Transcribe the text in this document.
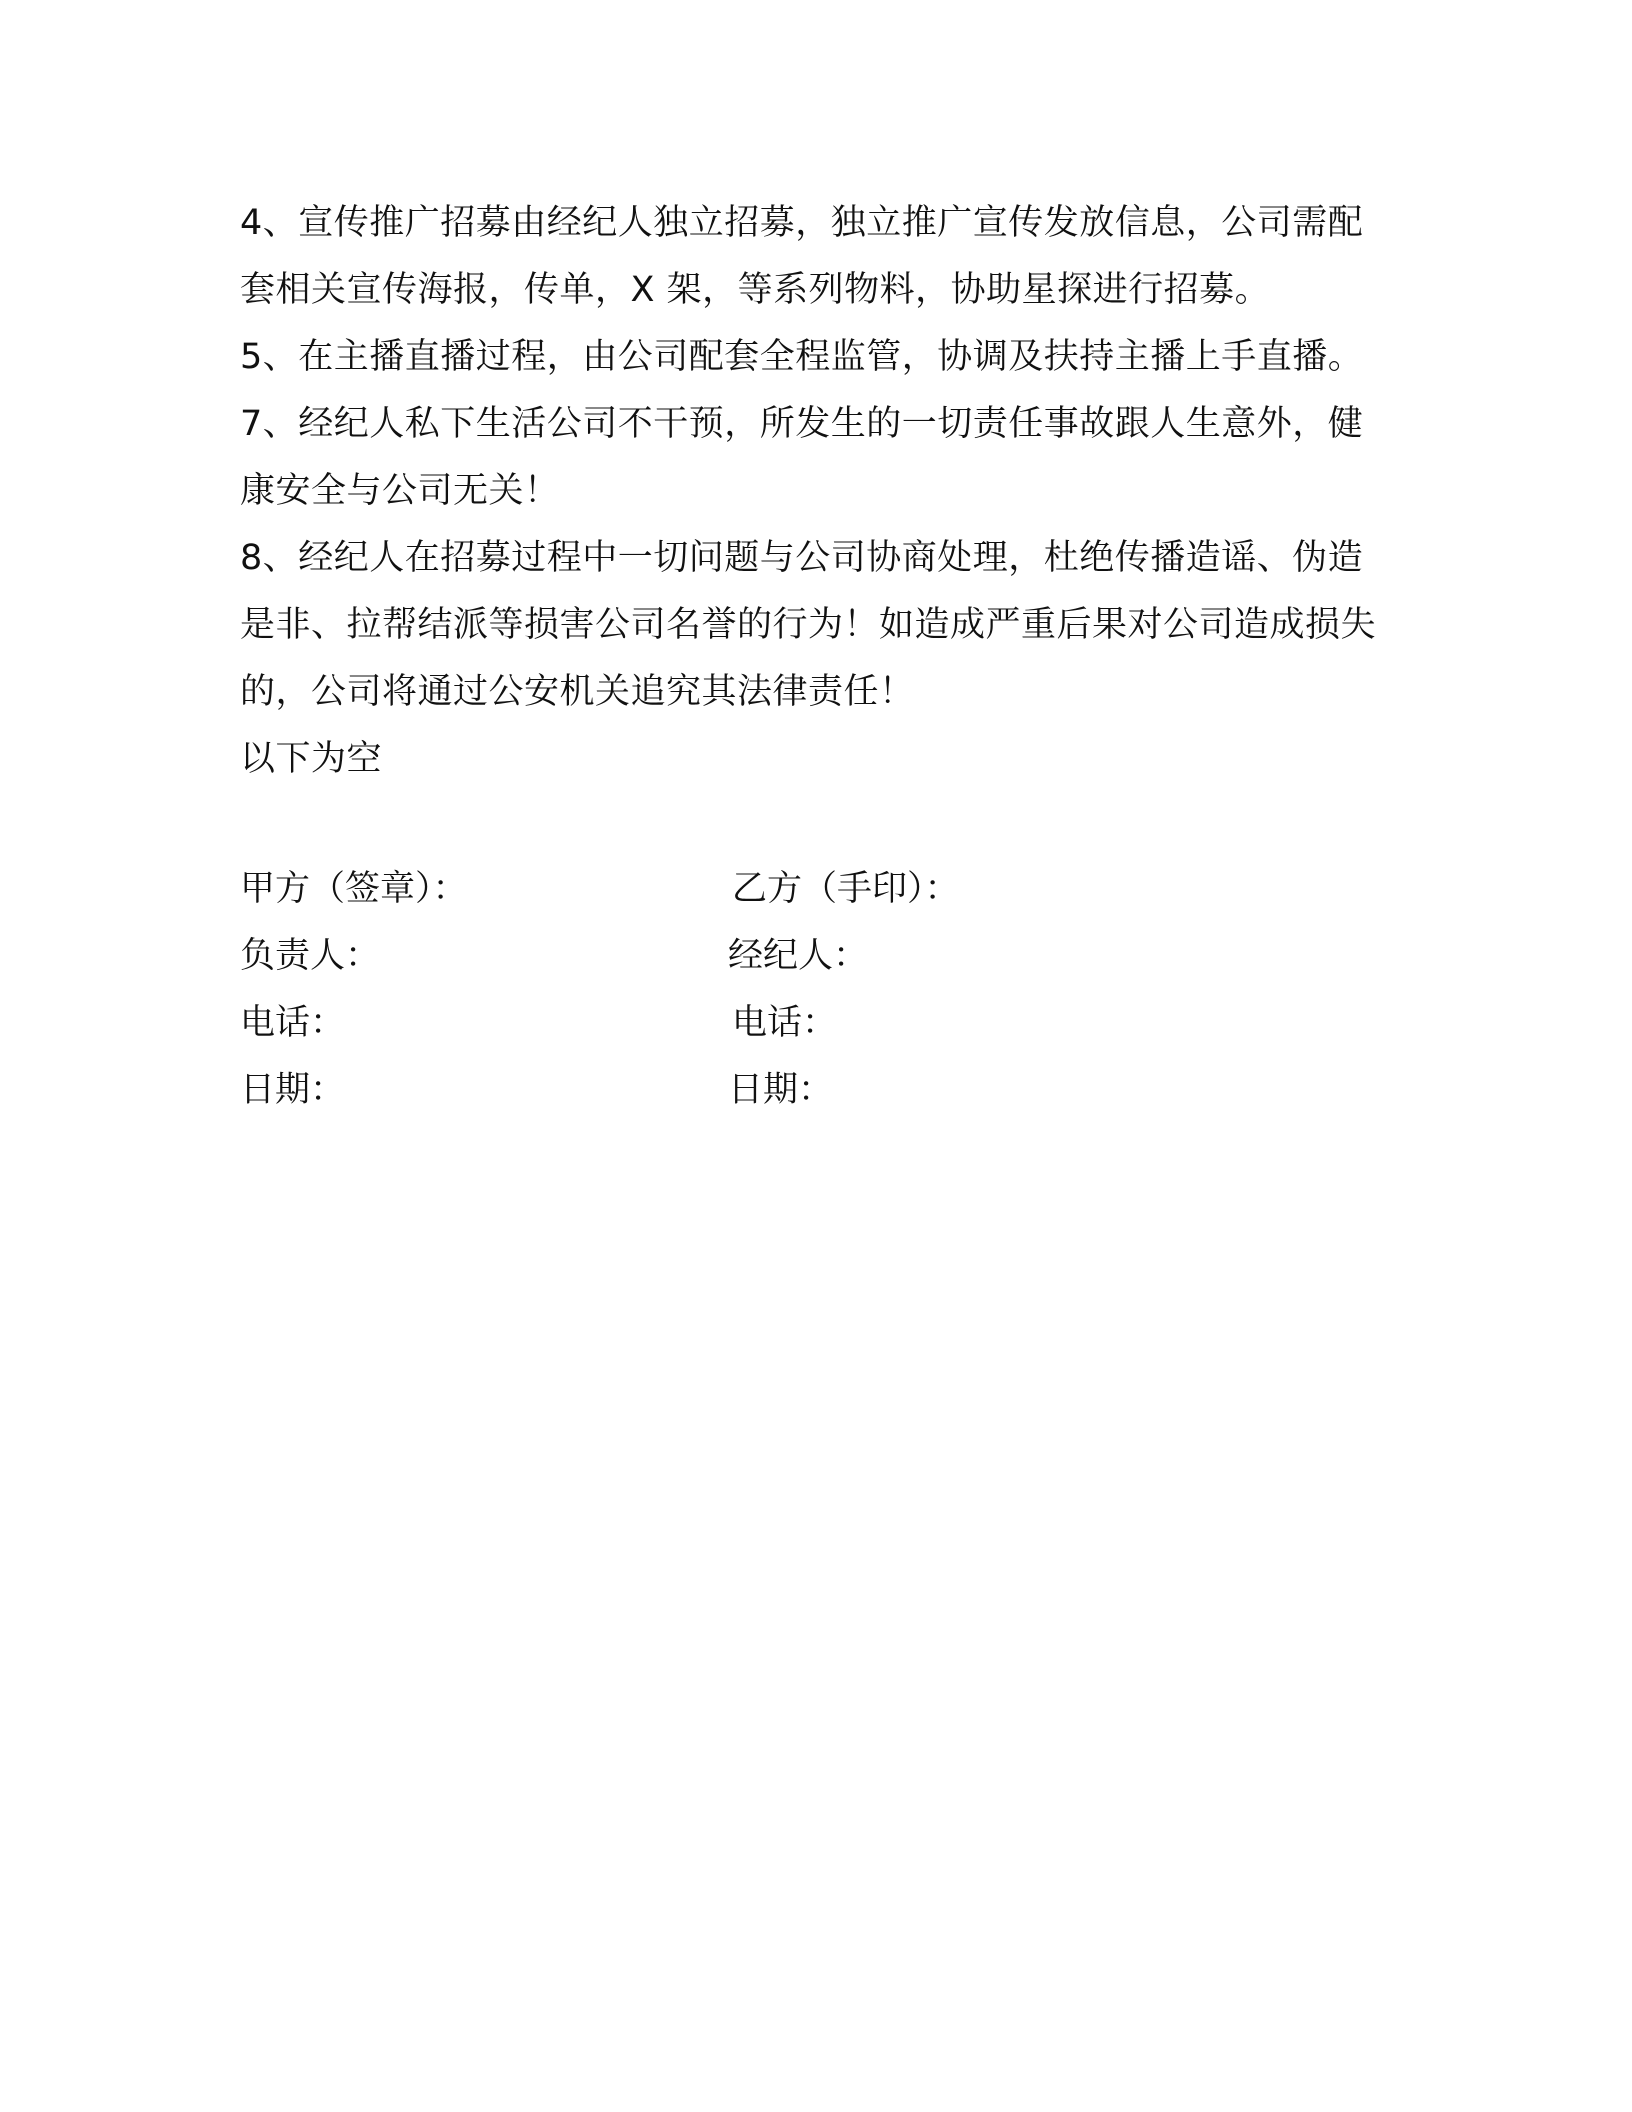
4、宣传推广招募由经纪人独立招募，独立推广宣传发放信息，公司需配套相关宣传海报，传单，X 架，等系列物料，协助星探进行招募。

5、在主播直播过程，由公司配套全程监管，协调及扶持主播上手直播。

7、经纪人私下生活公司不干预，所发生的一切责任事故跟人生意外，健康安全与公司无关！

8、经纪人在招募过程中一切问题与公司协商处理，杜绝传播造谣、伪造是非、拉帮结派等损害公司名誉的行为！如造成严重后果对公司造成损失的，公司将通过公安机关追究其法律责任！

以下为空

甲方（签章）：	乙方（手印）：
负责人：	经纪人：
电话：	电话：
日期：	日期：
